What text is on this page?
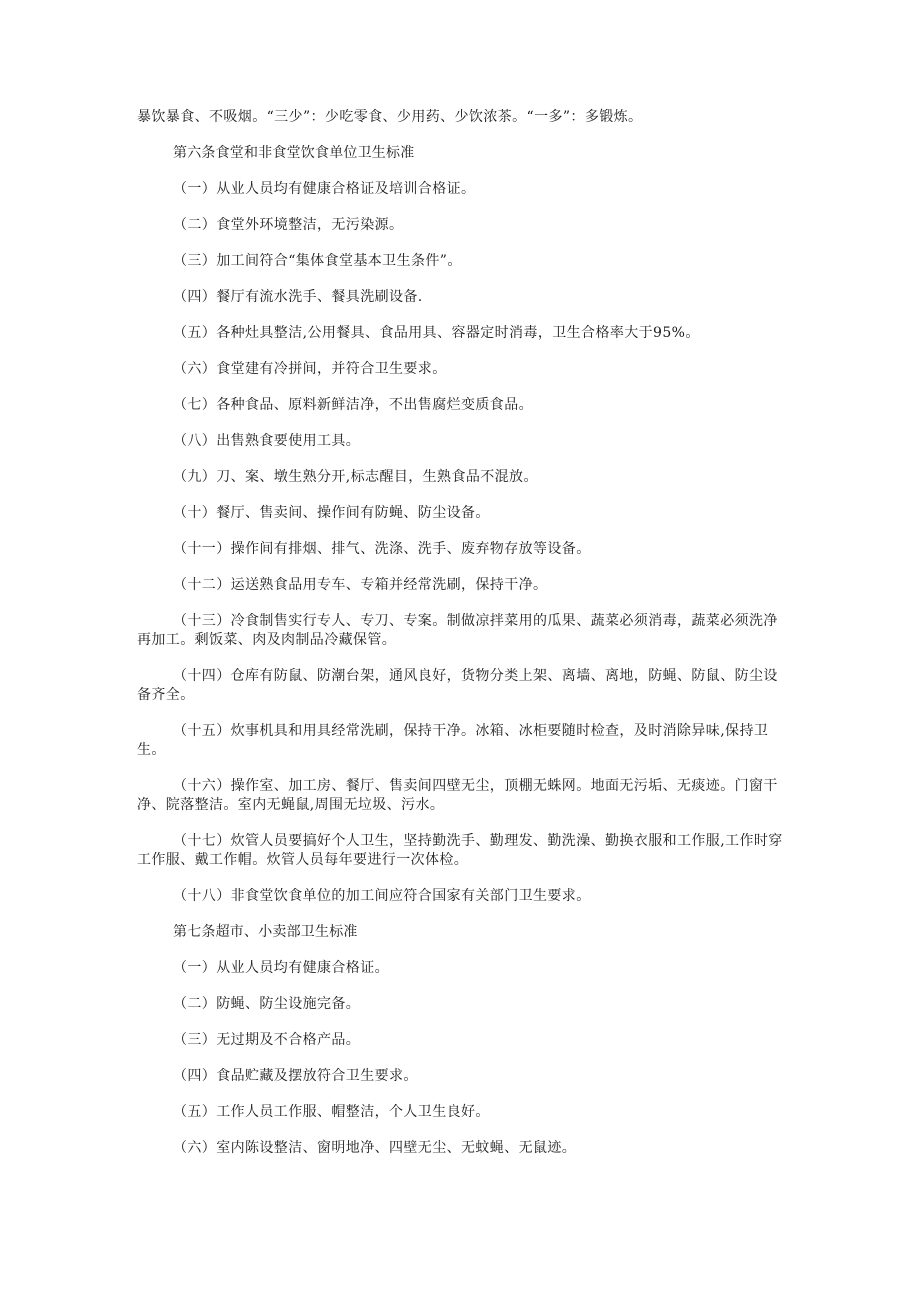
暴饮暴食、不吸烟。“三少”：少吃零食、少用药、少饮浓茶。“一多”：多锻炼。

第六条食堂和非食堂饮食单位卫生标准

（一）从业人员均有健康合格证及培训合格证。

（二）食堂外环境整洁，无污染源。

（三）加工间符合“集体食堂基本卫生条件”。

（四）餐厅有流水洗手、餐具洗刷设备.

（五）各种灶具整洁,公用餐具、食品用具、容器定时消毒，卫生合格率大于95%。

（六）食堂建有冷拼间，并符合卫生要求。

（七）各种食品、原料新鲜洁净，不出售腐烂变质食品。

（八）出售熟食要使用工具。

（九）刀、案、墩生熟分开,标志醒目，生熟食品不混放。

（十）餐厅、售卖间、操作间有防蝇、防尘设备。

（十一）操作间有排烟、排气、洗涤、洗手、废弃物存放等设备。

（十二）运送熟食品用专车、专箱并经常洗刷，保持干净。

（十三）冷食制售实行专人、专刀、专案。制做凉拌菜用的瓜果、蔬菜必须消毒，蔬菜必须洗净再加工。剩饭菜、肉及肉制品冷藏保管。

（十四）仓库有防鼠、防潮台架，通风良好，货物分类上架、离墙、离地，防蝇、防鼠、防尘设备齐全。

（十五）炊事机具和用具经常洗刷，保持干净。冰箱、冰柜要随时检查，及时消除异味,保持卫生。

（十六）操作室、加工房、餐厅、售卖间四壁无尘，顶棚无蛛网。地面无污垢、无痰迹。门窗干净、院落整洁。室内无蝇鼠,周围无垃圾、污水。

（十七）炊管人员要搞好个人卫生，坚持勤洗手、勤理发、勤洗澡、勤换衣服和工作服,工作时穿工作服、戴工作帽。炊管人员每年要进行一次体检。

（十八）非食堂饮食单位的加工间应符合国家有关部门卫生要求。

第七条超市、小卖部卫生标准

（一）从业人员均有健康合格证。

（二）防蝇、防尘设施完备。

（三）无过期及不合格产品。

（四）食品贮藏及摆放符合卫生要求。

（五）工作人员工作服、帽整洁，个人卫生良好。

（六）室内陈设整洁、窗明地净、四壁无尘、无蚊蝇、无鼠迹。
